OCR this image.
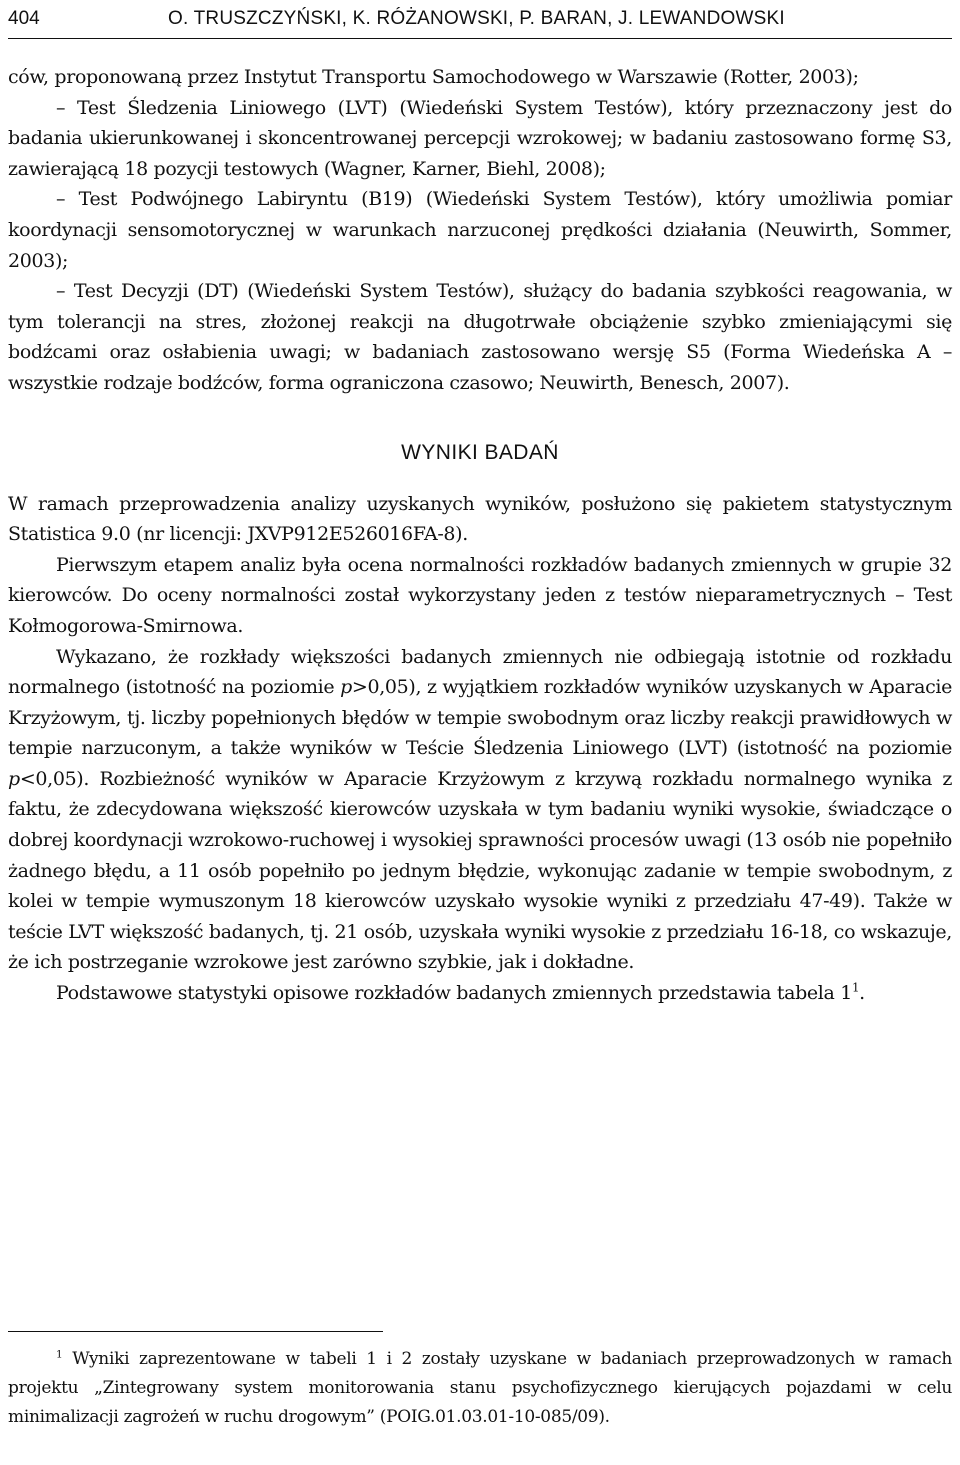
404	O. TRUSZCZYŃSKI, K. RÓŻANOWSKI, P. BARAN, J. LEWANDOWSKI

ców, proponowaną przez Instytut Transportu Samochodowego w Warszawie (Rotter, 2003);

– Test Śledzenia Liniowego (LVT) (Wiedeński System Testów), który przeznaczony jest do badania ukierunkowanej i skoncentrowanej percepcji wzrokowej; w badaniu zastosowano formę S3, zawierającą 18 pozycji testowych (Wagner, Karner, Biehl, 2008);

– Test Podwójnego Labiryntu (B19) (Wiedeński System Testów), który umożliwia pomiar koordynacji sensomotorycznej w warunkach narzuconej prędkości działania (Neuwirth, Sommer, 2003);

– Test Decyzji (DT) (Wiedeński System Testów), służący do badania szybkości reagowania, w tym tolerancji na stres, złożonej reakcji na długotrwałe obciążenie szybko zmieniającymi się bodźcami oraz osłabienia uwagi; w badaniach zastosowano wersję S5 (Forma Wiedeńska A – wszystkie rodzaje bodźców, forma ograniczona czasowo; Neuwirth, Benesch, 2007).

WYNIKI BADAŃ

W ramach przeprowadzenia analizy uzyskanych wyników, posłużono się pakietem statystycznym Statistica 9.0 (nr licencji: JXVP912E526016FA-8).

Pierwszym etapem analiz była ocena normalności rozkładów badanych zmiennych w grupie 32 kierowców. Do oceny normalności został wykorzystany jeden z testów nieparametrycznych – Test Kołmogorowa-Smirnowa.

Wykazano, że rozkłady większości badanych zmiennych nie odbiegają istotnie od rozkładu normalnego (istotność na poziomie p>0,05), z wyjątkiem rozkładów wyników uzyskanych w Aparacie Krzyżowym, tj. liczby popełnionych błędów w tempie swobodnym oraz liczby reakcji prawidłowych w tempie narzuconym, a także wyników w Teście Śledzenia Liniowego (LVT) (istotność na poziomie p<0,05). Rozbieżność wyników w Aparacie Krzyżowym z krzywą rozkładu normalnego wynika z faktu, że zdecydowana większość kierowców uzyskała w tym badaniu wyniki wysokie, świadczące o dobrej koordynacji wzrokowo-ruchowej i wysokiej sprawności procesów uwagi (13 osób nie popełniło żadnego błędu, a 11 osób popełniło po jednym błędzie, wykonując zadanie w tempie swobodnym, z kolei w tempie wymuszonym 18 kierowców uzyskało wysokie wyniki z przedziału 47-49). Także w teście LVT większość badanych, tj. 21 osób, uzyskała wyniki wysokie z przedziału 16-18, co wskazuje, że ich postrzeganie wzrokowe jest zarówno szybkie, jak i dokładne.

Podstawowe statystyki opisowe rozkładów badanych zmiennych przedstawia tabela $1^1$.

$^1$ Wyniki zaprezentowane w tabeli 1 i 2 zostały uzyskane w badaniach przeprowadzonych w ramach projektu „Zintegrowany system monitorowania stanu psychofizycznego kierujących pojazdami w celu minimalizacji zagrożeń w ruchu drogowym” (POIG.01.03.01-10-085/09).
